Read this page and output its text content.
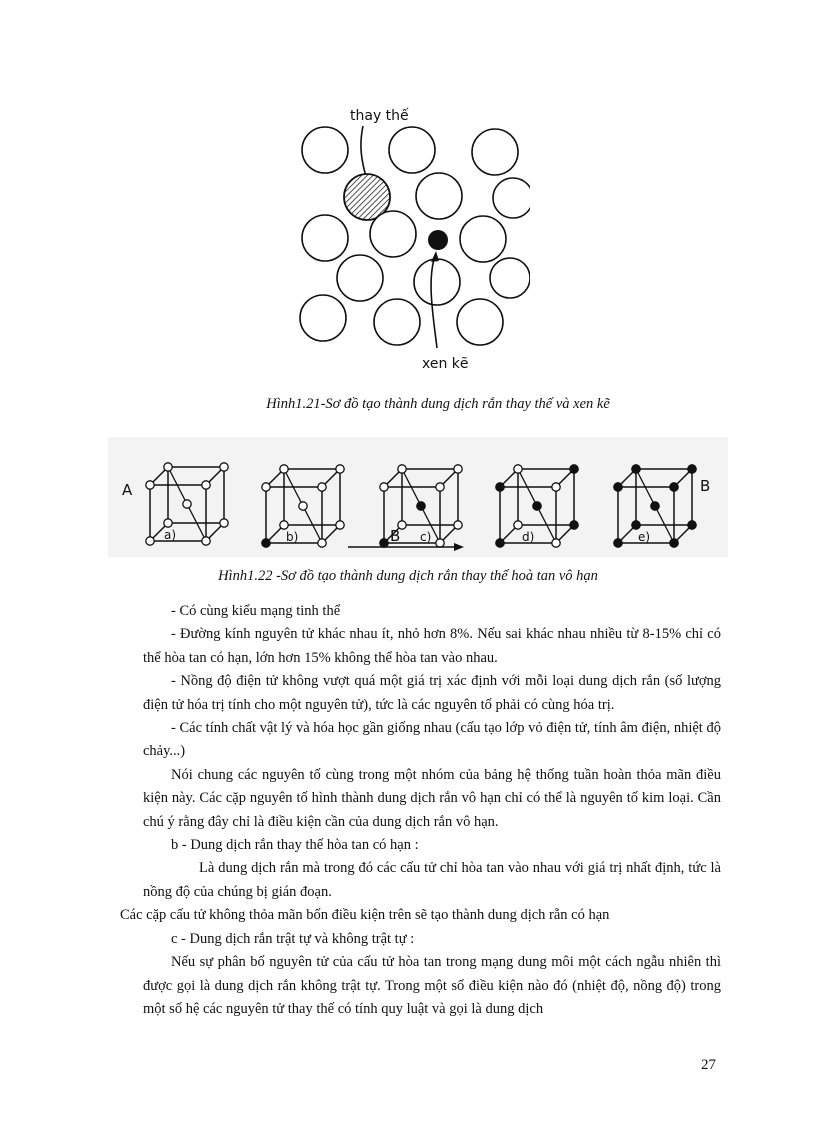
thay thế
xen kẽ
Hình1.21-Sơ đồ tạo thành dung dịch rắn thay thế và xen kẽ
A	B
B
a)	b)	c)	d)	e)
Hình1.22 -Sơ đồ tạo thành dung dịch rắn thay thế hoà tan vô hạn

- Có cùng kiểu mạng tinh thể

- Đường kính nguyên tử khác nhau ít, nhỏ hơn 8%. Nếu sai khác nhau nhiều từ 8-15% chỉ có thể hòa tan có hạn, lớn hơn 15% không thể hòa tan vào nhau.

- Nồng độ điện tử không vượt quá một giá trị xác định với mỗi loại dung dịch rắn (số lượng điện tử hóa trị tính cho một nguyên tử), tức là các nguyên tố phải có cùng hóa trị.

- Các tính chất vật lý và hóa học gần giống nhau (cấu tạo lớp vỏ điện tử, tính âm điện, nhiệt độ chảy...)

Nói chung các nguyên tố cùng trong một nhóm của bảng hệ thống tuần hoàn thỏa mãn điều kiện này. Các cặp nguyên tố hình thành dung dịch rắn vô hạn chỉ có thể là nguyên tố kim loại. Cần chú ý rằng đây chỉ là điều kiện cần của dung dịch rắn vô hạn.

b - Dung dịch rắn thay thế hòa tan có hạn :

Là dung dịch rắn mà trong đó các cấu tử chỉ hòa tan vào nhau với giá trị nhất định, tức là nồng độ của chúng bị gián đoạn.

Các cặp cấu tử không thỏa mãn bốn điều kiện trên sẽ tạo thành dung dịch rẵn có hạn

c - Dung dịch rắn trật tự và không trật tự :

Nếu sự phân bố nguyên tử của cấu tử hòa tan trong mạng dung môi một cách ngẫu nhiên thì được gọi là dung dịch rắn không trật tự. Trong một số điều kiện nào đó (nhiệt độ, nồng độ) trong một số hệ các nguyên tử thay thế có tính quy luật và gọi là dung dịch

27
